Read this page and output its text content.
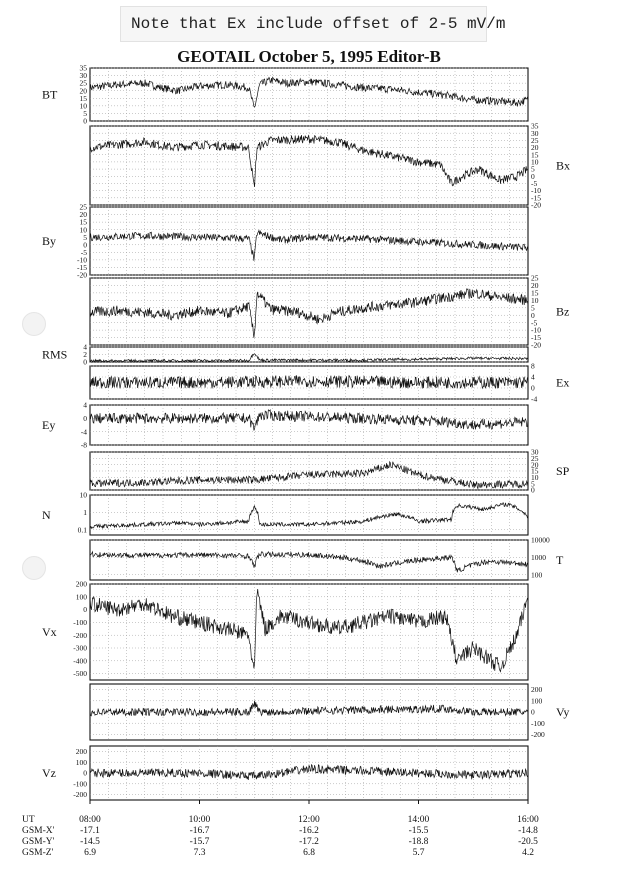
Note that Ex include offset of 2-5 mV/m
GEOTAIL October 5, 1995 Editor-B
35
30
25
20
15
10
5
0
BT
35
30
25
20
15
10
5
0
-5
-10
-15
-20
Bx
25
20
15
10
5
0
-5
-10
-15
-20
By
25
20
15
10
5
0
-5
-10
-15
-20
Bz
4
2
0
RMS
8
4
0
-4
Ex
4
0
-4
-8
Ey
30
25
20
15
10
5
0
SP
10
1
0.1
N
10000
1000
100
T
200
100
0
-100
-200
-300
-400
-500
Vx
200
100
0
-100
-200
Vy
200
100
0
-100
-200
Vz
UT	08:00	10:00	12:00	14:00	16:00
GSM-X'	-17.1	-16.7	-16.2	-15.5	-14.8
GSM-Y'	-14.5	-15.7	-17.2	-18.8	-20.5
GSM-Z'	6.9	7.3	6.8	5.7	4.2
